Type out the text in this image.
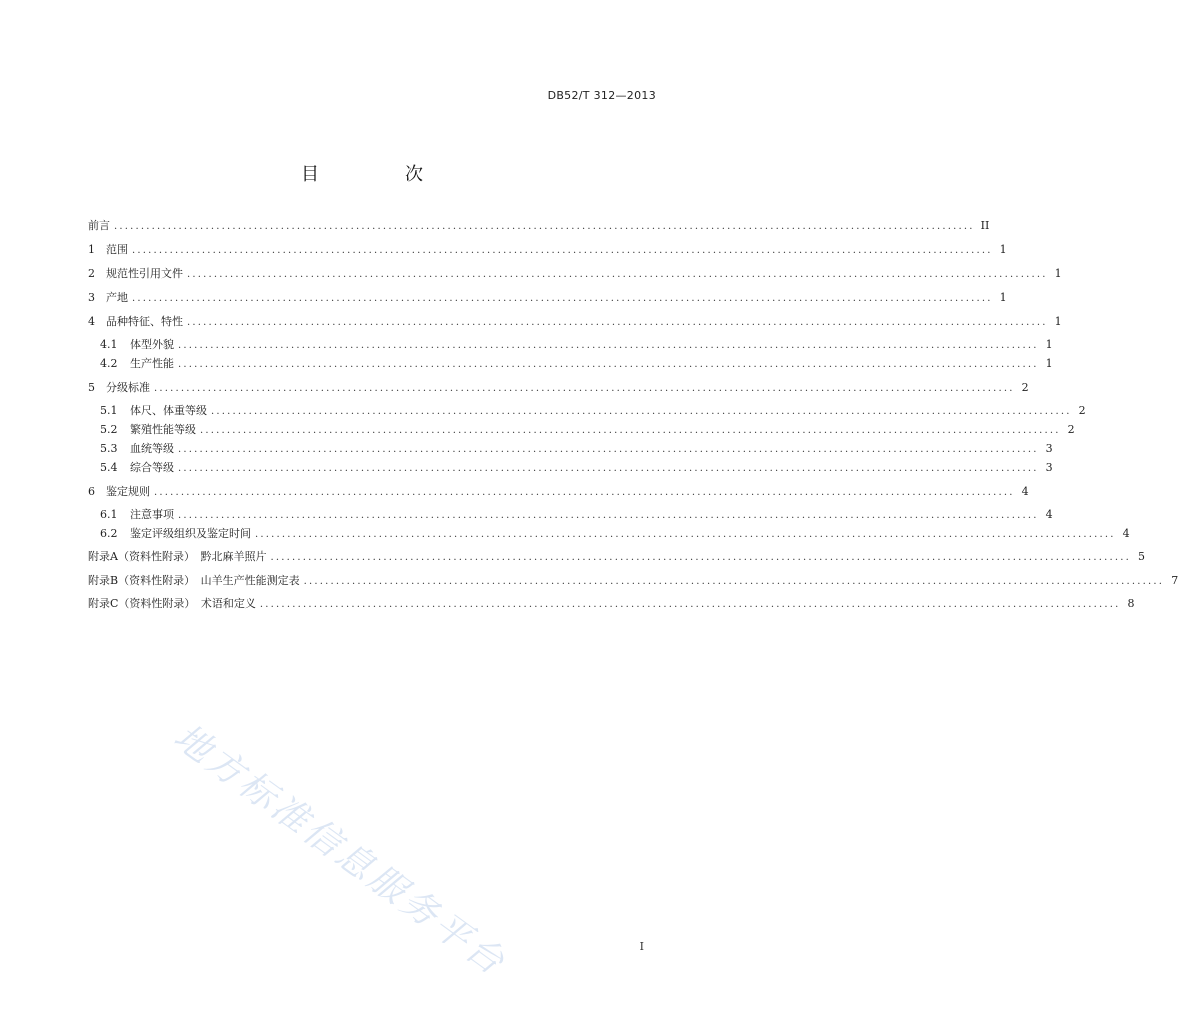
DB52/T 312—2013
目　次
前言 ................................................................................................................................................................ II
1	范围 ................................................................................................................................................................ 1
2	规范性引用文件 ................................................................................................................................................................ 1
3	产地 ................................................................................................................................................................ 1
4	品种特征、特性 ................................................................................................................................................................ 1
4.1	体型外貌 ................................................................................................................................................................ 1
4.2	生产性能 ................................................................................................................................................................ 1
5	分级标准 ................................................................................................................................................................ 2
5.1	体尺、体重等级 ................................................................................................................................................................ 2
5.2	繁殖性能等级 ................................................................................................................................................................ 2
5.3	血统等级 ................................................................................................................................................................ 3
5.4	综合等级 ................................................................................................................................................................ 3
6	鉴定规则 ................................................................................................................................................................ 4
6.1	注意事项 ................................................................................................................................................................ 4
6.2	鉴定评级组织及鉴定时间 ................................................................................................................................................................ 4
附录A（资料性附录）　黔北麻羊照片 ................................................................................................................................................................ 5
附录B（资料性附录）　山羊生产性能测定表 ................................................................................................................................................................ 7
附录C（资料性附录）　术语和定义 ................................................................................................................................................................ 8
地方标准信息服务平台	I
